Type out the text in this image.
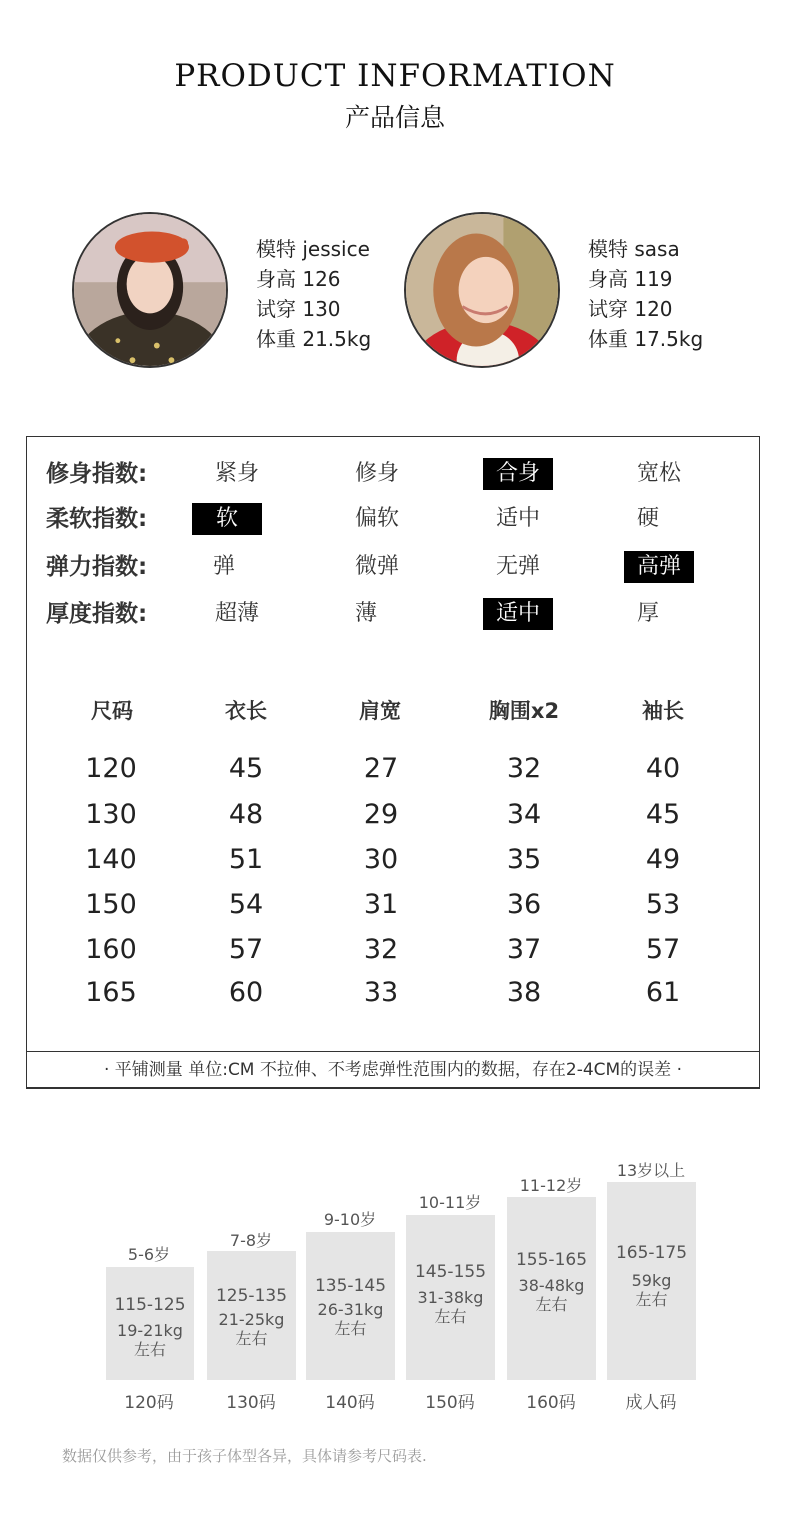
PRODUCT INFORMATION
产品信息
模特 jessice
身高 126
试穿 130
体重 21.5kg
模特 sasa
身高 119
试穿 120
体重 17.5kg
修身指数:	紧身	修身	合身	宽松
柔软指数:	软	偏软	适中	硬
弹力指数:	弹	微弹	无弹	高弹
厚度指数:	超薄	薄	适中	厚
尺码	衣长	肩宽	胸围x2	袖长
120	45	27	32	40
130	48	29	34	45
140	51	30	35	49
150	54	31	36	53
160	57	32	37	57
165	60	33	38	61
· 平铺测量 单位:CM 不拉伸、不考虑弹性范围内的数据，存在2-4CM的误差 ·
5-6岁
115-125
19-21kg
左右
120码
7-8岁
125-135
21-25kg
左右
130码
9-10岁
135-145
26-31kg
左右
140码
10-11岁
145-155
31-38kg
左右
150码
11-12岁
155-165
38-48kg
左右
160码
13岁以上
165-175
59kg
左右
成人码
数据仅供参考，由于孩子体型各异，具体请参考尺码表.
